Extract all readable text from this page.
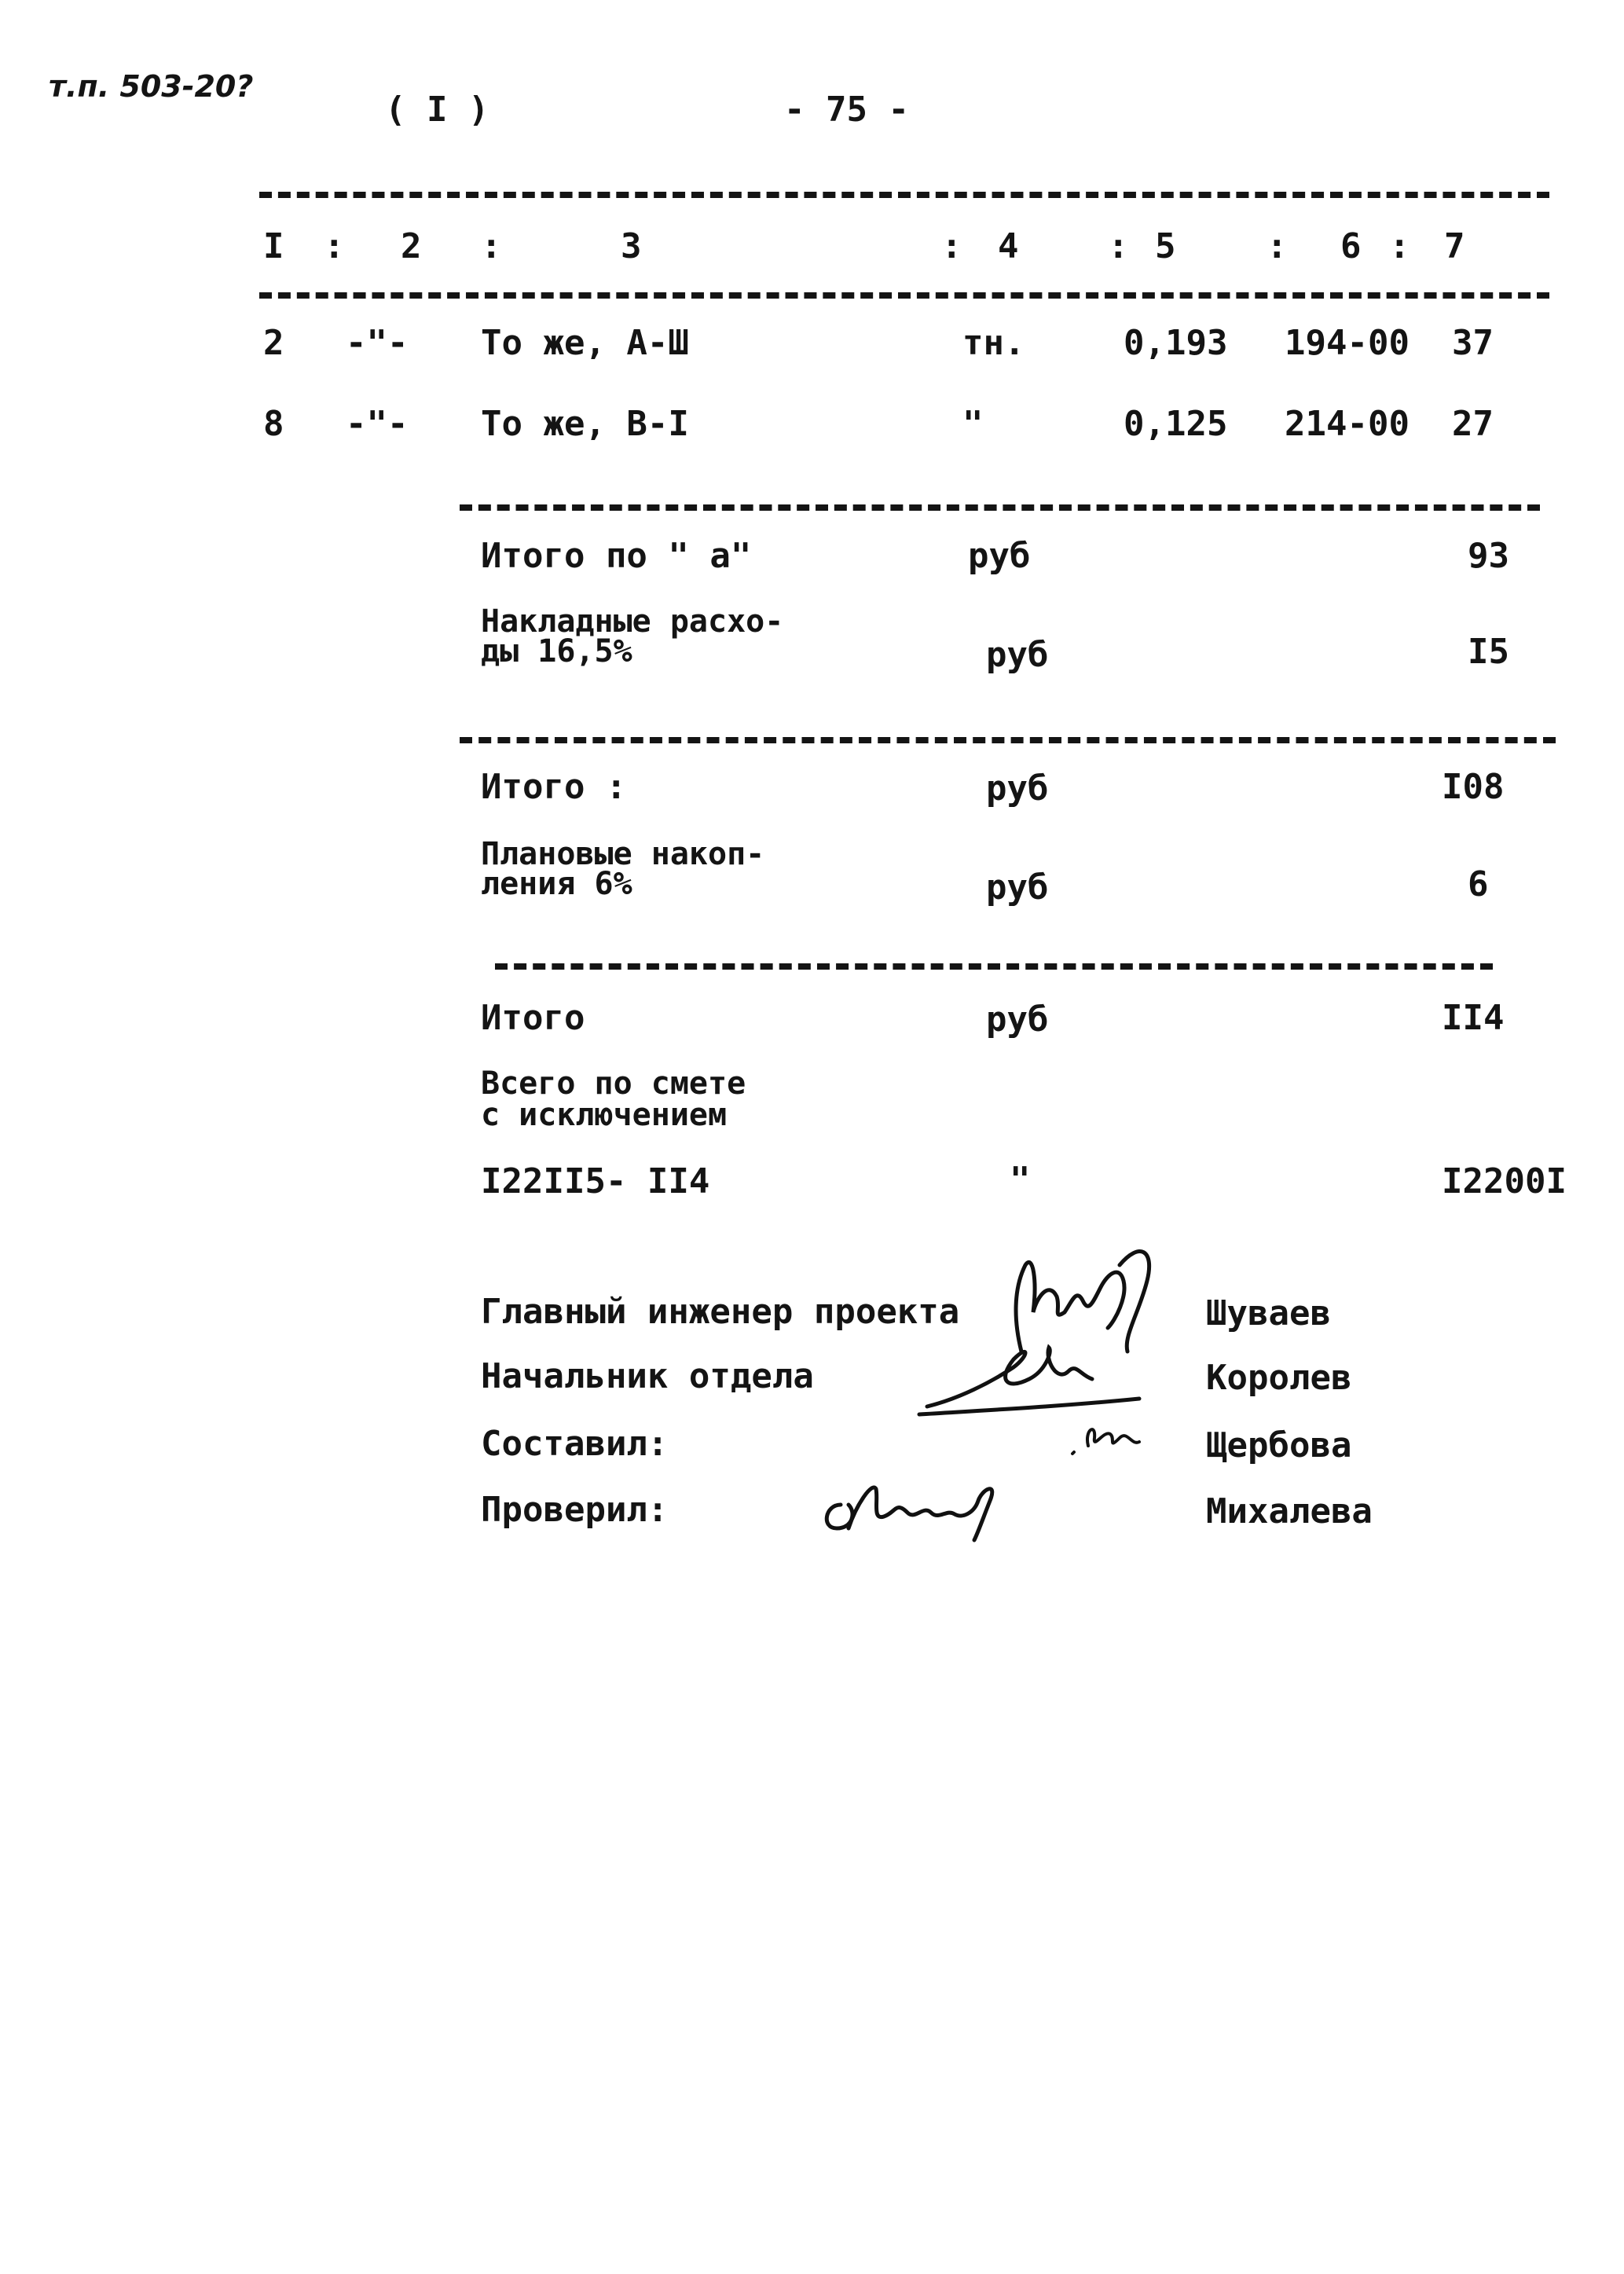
т.п. 503-20?
( I )	- 75 -
I : 2 :	3	: 4	: 5	: 6 : 7
2 -"- То же, А-Ш	тн.	0,193 194-00 37
8 -"- То же, В-I	"	0,125 214-00 27
Итого по " а"	руб	93
Накладные расхо-
ды 16,5%	руб	I5
Итого :	руб	I08
Плановые накоп-
ления 6%	руб	6
Итого	руб	II4
Всего по смете
с исключением
I22II5- II4	"	I2200I
Главный инженер проекта	Шуваев
Начальник отдела	Королев
Составил:	Щербова
Проверил:	Михалева
